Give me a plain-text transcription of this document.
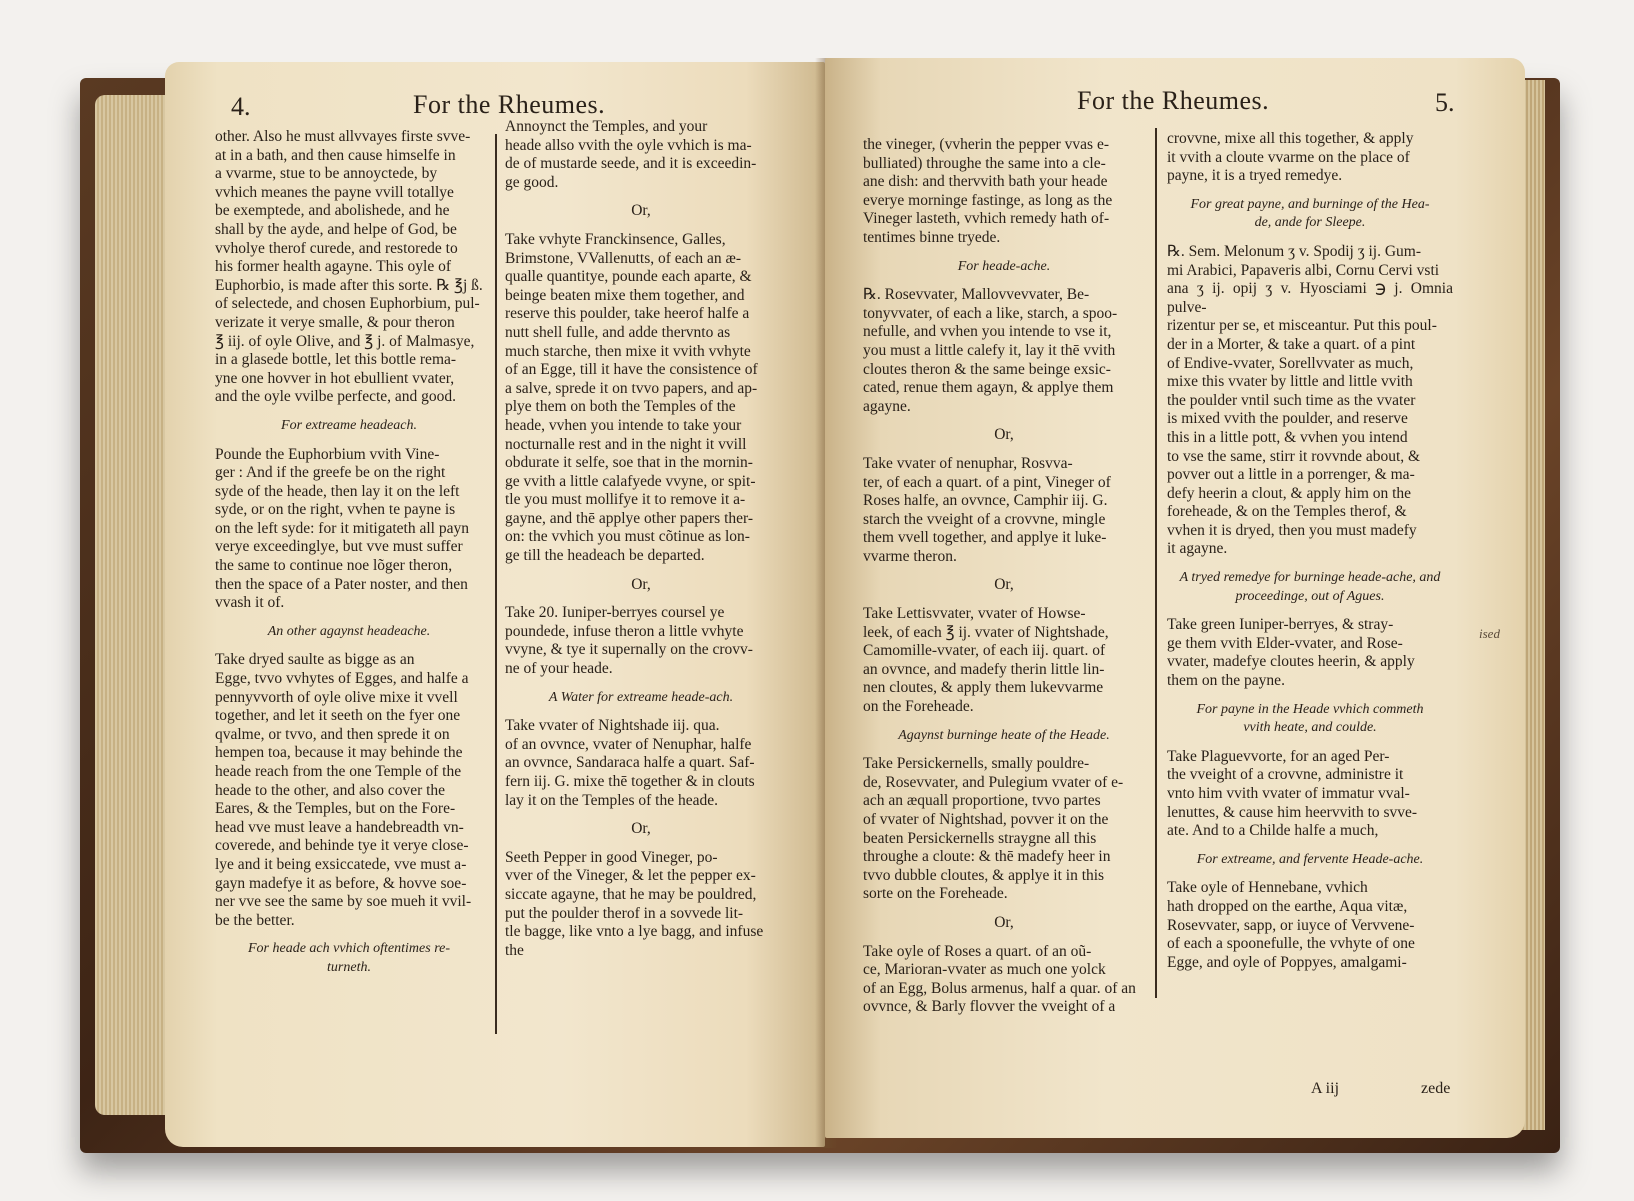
4.	For the Rheumes.

other. Also he must allvvayes firste svve-
at in a bath, and then cause himselfe in
a vvarme, stue to be annoyctede, by
vvhich meanes the payne vvill totallye
be exemptede, and abolishede, and he
shall by the ayde, and helpe of God, be
vvholye therof curede, and restorede to
his former health agayne. This oyle of
Euphorbio, is made after this sorte. ℞ ℥j ß.
of selectede, and chosen Euphorbium, pul-
verizate it verye smalle, & pour theron
℥ iij. of oyle Olive, and ℥ j. of Malmasye,
in a glasede bottle, let this bottle rema-
yne one hovver in hot ebullient vvater,
and the oyle vvilbe perfecte, and good.

For extreame headeach.

Pounde the Euphorbium vvith Vine-
ger : And if the greefe be on the right
syde of the heade, then lay it on the left
syde, or on the right, vvhen te payne is
on the left syde: for it mitigateth all payn
verye exceedinglye, but vve must suffer
the same to continue noe lõger theron,
then the space of a Pater noster, and then
vvash it of.

An other agaynst headeache.

Take dryed saulte as bigge as an
Egge, tvvo vvhytes of Egges, and halfe a
pennyvvorth of oyle olive mixe it vvell
together, and let it seeth on the fyer one
qvalme, or tvvo, and then sprede it on
hempen toa, because it may behinde the
heade reach from the one Temple of the
heade to the other, and also cover the
Eares, & the Temples, but on the Fore-
head vve must leave a handebreadth vn-
coverede, and behinde tye it verye close-
lye and it being exsiccatede, vve must a-
gayn madefye it as before, & hovve soe-
ner vve see the same by soe mueh it vvil-
be the better.

For heade ach vvhich oftentimes re-
turneth.

Annoynct the Temples, and your
heade allso vvith the oyle vvhich is ma-
de of mustarde seede, and it is exceedin-
ge good.

Or,

Take vvhyte Franckinsence, Galles,
Brimstone, VVallenutts, of each an æ-
qualle quantitye, pounde each aparte, &
beinge beaten mixe them together, and
reserve this poulder, take heerof halfe a
nutt shell fulle, and adde thervnto as
much starche, then mixe it vvith vvhyte
of an Egge, till it have the consistence of
a salve, sprede it on tvvo papers, and ap-
plye them on both the Temples of the
heade, vvhen you intende to take your
nocturnalle rest and in the night it vvill
obdurate it selfe, soe that in the mornin-
ge vvith a little calafyede vvyne, or spit-
tle you must mollifye it to remove it a-
gayne, and thē applye other papers ther-
on: the vvhich you must cõtinue as lon-
ge till the headeach be departed.

Or,

Take 20. Iuniper-berryes coursel ye
poundede, infuse theron a little vvhyte
vvyne, & tye it supernally on the crovv-
ne of your heade.

A Water for extreame heade-ach.

Take vvater of Nightshade iij. qua.
of an ovvnce, vvater of Nenuphar, halfe
an ovvnce, Sandaraca halfe a quart. Saf-
fern iij. G. mixe thē together & in clouts
lay it on the Temples of the heade.

Or,

Seeth Pepper in good Vineger, po-
vver of the Vineger, & let the pepper ex-
siccate agayne, that he may be pouldred,
put the poulder therof in a sovvede lit-
tle bagge, like vnto a lye bagg, and infuse
the

For the Rheumes.	5.

the vineger, (vvherin the pepper vvas e-
bulliated) throughe the same into a cle-
ane dish: and thervvith bath your heade
everye morninge fastinge, as long as the
Vineger lasteth, vvhich remedy hath of-
tentimes binne tryede.

For heade-ache.

℞. Rosevvater, Mallovvevvater, Be-
tonyvvater, of each a like, starch, a spoo-
nefulle, and vvhen you intende to vse it,
you must a little calefy it, lay it thē vvith
cloutes theron & the same beinge exsic-
cated, renue them agayn, & applye them
agayne.

Or,

Take vvater of nenuphar, Rosvva-
ter, of each a quart. of a pint, Vineger of
Roses halfe, an ovvnce, Camphir iij. G.
starch the vveight of a crovvne, mingle
them vvell together, and applye it luke-
vvarme theron.

Or,

Take Lettisvvater, vvater of Howse-
leek, of each ℥ ij. vvater of Nightshade,
Camomille-vvater, of each iij. quart. of
an ovvnce, and madefy therin little lin-
nen cloutes, & apply them lukevvarme
on the Foreheade.

Agaynst burninge heate of the Heade.

Take Persickernells, smally pouldre-
de, Rosevvater, and Pulegium vvater of e-
ach an æquall proportione, tvvo partes
of vvater of Nightshad, povver it on the
beaten Persickernells straygne all this
throughe a cloute: & thē madefy heer in
tvvo dubble cloutes, & applye it in this
sorte on the Foreheade.

Or,

Take oyle of Roses a quart. of an oũ-
ce, Marioran-vvater as much one yolck
of an Egg, Bolus armenus, half a quar. of an
ovvnce, & Barly flovver the vveight of a

crovvne, mixe all this together, & apply
it vvith a cloute vvarme on the place of
payne, it is a tryed remedye.

For great payne, and burninge of the Hea-
de, ande for Sleepe.

℞. Sem. Melonum ʒ v. Spodij ʒ ij. Gum-
mi Arabici, Papaveris albi, Cornu Cervi vsti
ana ʒ ij. opij ʒ v. Hyosciami ℈ j. Omnia pulve-
rizentur per se, et misceantur. Put this poul-
der in a Morter, & take a quart. of a pint
of Endive-vvater, Sorellvvater as much,
mixe this vvater by little and little vvith
the poulder vntil such time as the vvater
is mixed vvith the poulder, and reserve
this in a little pott, & vvhen you intend
to vse the same, stirr it rovvnde about, &
povver out a little in a porrenger, & ma-
defy heerin a clout, & apply him on the
foreheade, & on the Temples therof, &
vvhen it is dryed, then you must madefy
it agayne.

A tryed remedye for burninge heade-ache, and
proceedinge, out of Agues.

Take green Iuniper-berryes, & stray-
ge them vvith Elder-vvater, and Rose-
vvater, madefye cloutes heerin, & apply
them on the payne.

For payne in the Heade vvhich commeth
vvith heate, and coulde.

Take Plaguevvorte, for an aged Per-
the vveight of a crovvne, administre it
vnto him vvith vvater of immatur vval-
lenuttes, & cause him heervvith to svve-
ate. And to a Childe halfe a much,

For extreame, and fervente Heade-ache.

Take oyle of Hennebane, vvhich
hath dropped on the earthe, Aqua vitæ,
Rosevvater, sapp, or iuyce of Vervvene-
of each a spoonefulle, the vvhyte of one
Egge, and oyle of Poppyes, amalgami-

A iij	zede
ised
